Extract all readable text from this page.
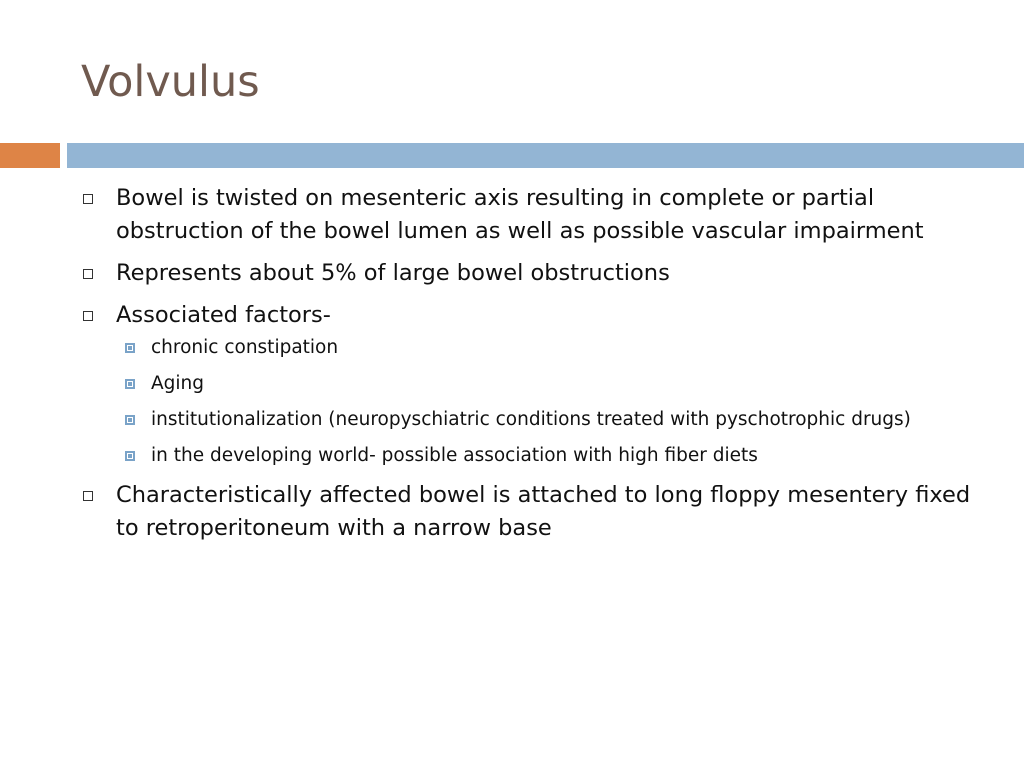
Volvulus
Bowel is twisted on mesenteric axis resulting in complete or partial obstruction of the bowel lumen as well as possible vascular impairment
Represents about 5% of large bowel obstructions
Associated factors-
chronic constipation
Aging
institutionalization (neuropyschiatric conditions treated with pyschotrophic drugs)
in the developing world- possible association with high fiber diets
Characteristically affected bowel is attached to long floppy mesentery fixed to retroperitoneum with a narrow base
